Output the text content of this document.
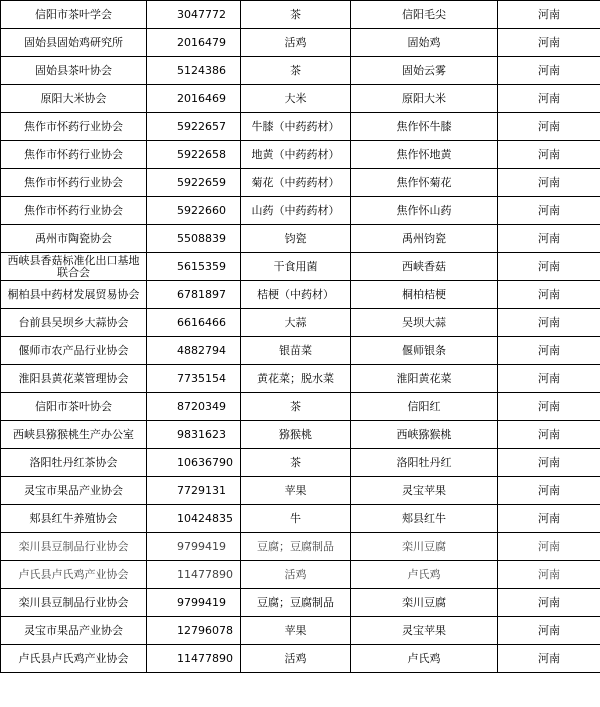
信阳市茶叶学会	3047772	茶	信阳毛尖	河南
固始县固始鸡研究所	2016479	活鸡	固始鸡	河南
固始县茶叶协会	5124386	茶	固始云雾	河南
原阳大米协会	2016469	大米	原阳大米	河南
焦作市怀药行业协会	5922657	牛膝（中药药材）	焦作怀牛膝	河南
焦作市怀药行业协会	5922658	地黄（中药药材）	焦作怀地黄	河南
焦作市怀药行业协会	5922659	菊花（中药药材）	焦作怀菊花	河南
焦作市怀药行业协会	5922660	山药（中药药材）	焦作怀山药	河南
禹州市陶瓷协会	5508839	钧瓷	禹州钧瓷	河南
西峡县香菇标准化出口基地联合会	5615359	干食用菌	西峡香菇	河南
桐柏县中药材发展贸易协会	6781897	桔梗（中药材）	桐柏桔梗	河南
台前县吴坝乡大蒜协会	6616466	大蒜	吴坝大蒜	河南
偃师市农产品行业协会	4882794	银苗菜	偃师银条	河南
淮阳县黄花菜管理协会	7735154	黄花菜；脱水菜	淮阳黄花菜	河南
信阳市茶叶协会	8720349	茶	信阳红	河南
西峡县猕猴桃生产办公室	9831623	猕猴桃	西峡猕猴桃	河南
洛阳牡丹红茶协会	10636790	茶	洛阳牡丹红	河南
灵宝市果品产业协会	7729131	苹果	灵宝苹果	河南
郏县红牛养殖协会	10424835	牛	郏县红牛	河南
栾川县豆制品行业协会	9799419	豆腐；豆腐制品	栾川豆腐	河南
卢氏县卢氏鸡产业协会	11477890	活鸡	卢氏鸡	河南
栾川县豆制品行业协会	9799419	豆腐；豆腐制品	栾川豆腐	河南
灵宝市果品产业协会	12796078	苹果	灵宝苹果	河南
卢氏县卢氏鸡产业协会	11477890	活鸡	卢氏鸡	河南
